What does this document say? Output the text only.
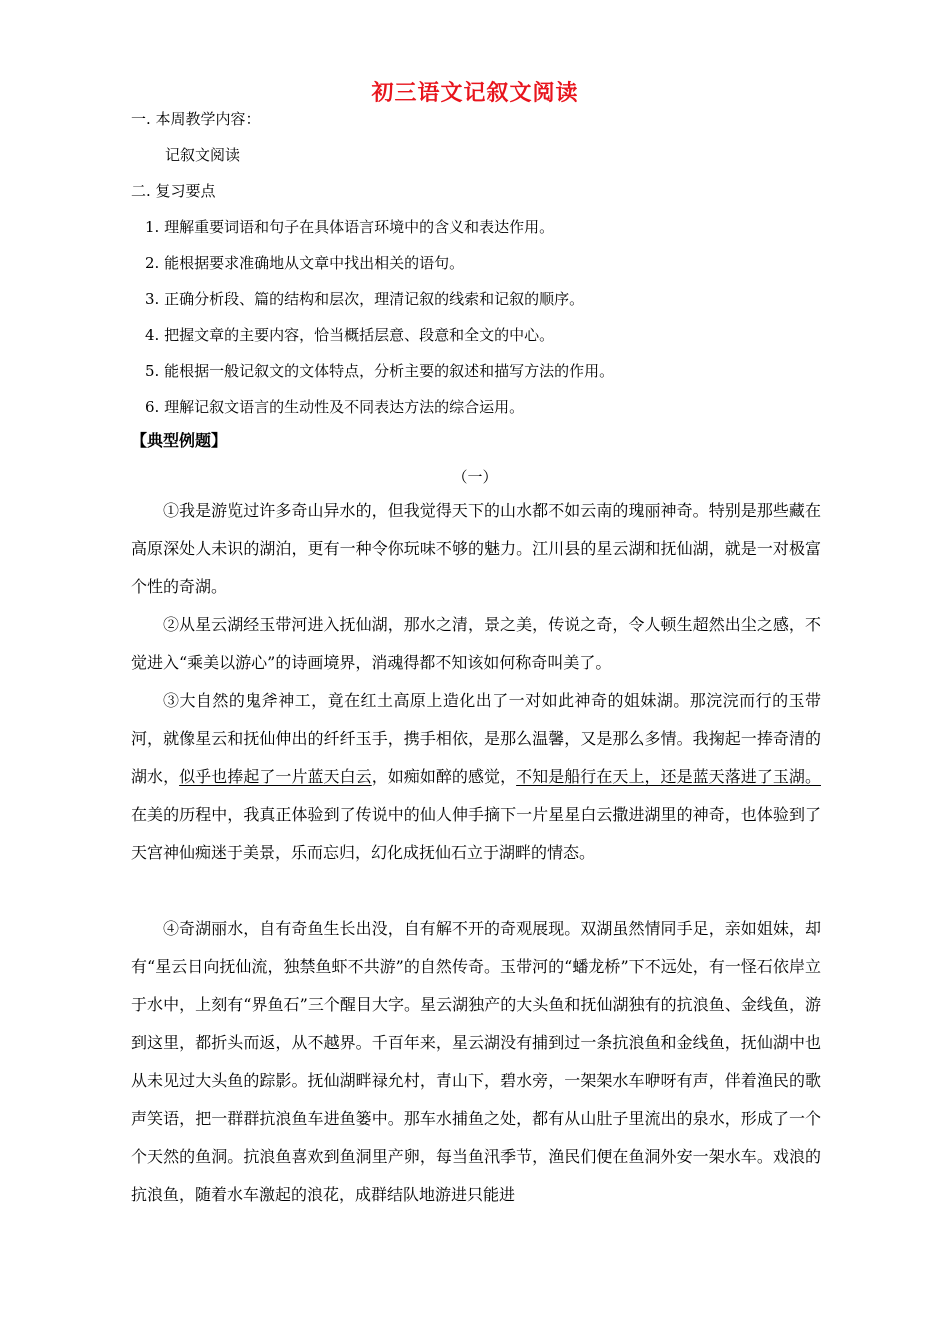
初三语文记叙文阅读
一. 本周教学内容：
记叙文阅读
二. 复习要点
1. 理解重要词语和句子在具体语言环境中的含义和表达作用。
2. 能根据要求准确地从文章中找出相关的语句。
3. 正确分析段、篇的结构和层次，理清记叙的线索和记叙的顺序。
4. 把握文章的主要内容，恰当概括层意、段意和全文的中心。
5. 能根据一般记叙文的文体特点，分析主要的叙述和描写方法的作用。
6. 理解记叙文语言的生动性及不同表达方法的综合运用。
【典型例题】
（一）

①我是游览过许多奇山异水的，但我觉得天下的山水都不如云南的瑰丽神奇。特别是那些藏在高原深处人未识的湖泊，更有一种令你玩味不够的魅力。江川县的星云湖和抚仙湖，就是一对极富个性的奇湖。

②从星云湖经玉带河进入抚仙湖，那水之清，景之美，传说之奇，令人顿生超然出尘之感，不觉进入“乘美以游心”的诗画境界，消魂得都不知该如何称奇叫美了。

③大自然的鬼斧神工，竟在红土高原上造化出了一对如此神奇的姐妹湖。那浣浣而行的玉带河，就像星云和抚仙伸出的纤纤玉手，携手相依，是那么温馨，又是那么多情。我掬起一捧奇清的湖水，似乎也捧起了一片蓝天白云，如痴如醉的感觉，不知是船行在天上，还是蓝天落进了玉湖。 在美的历程中，我真正体验到了传说中的仙人伸手摘下一片星星白云撒进湖里的神奇，也体验到了天宫神仙痴迷于美景，乐而忘归，幻化成抚仙石立于湖畔的情态。

④奇湖丽水，自有奇鱼生长出没，自有解不开的奇观展现。双湖虽然情同手足，亲如姐妹，却有“星云日向抚仙流，独禁鱼虾不共游”的自然传奇。玉带河的“蟠龙桥”下不远处，有一怪石依岸立于水中，上刻有“界鱼石”三个醒目大字。星云湖独产的大头鱼和抚仙湖独有的抗浪鱼、金线鱼，游到这里，都折头而返，从不越界。千百年来，星云湖没有捕到过一条抗浪鱼和金线鱼，抚仙湖中也从未见过大头鱼的踪影。抚仙湖畔禄允村，青山下，碧水旁，一架架水车咿呀有声，伴着渔民的歌声笑语，把一群群抗浪鱼车进鱼篓中。那车水捕鱼之处，都有从山肚子里流出的泉水，形成了一个个天然的鱼洞。抗浪鱼喜欢到鱼洞里产卵，每当鱼汛季节，渔民们便在鱼洞外安一架水车。戏浪的抗浪鱼，随着水车激起的浪花，成群结队地游进只能进
